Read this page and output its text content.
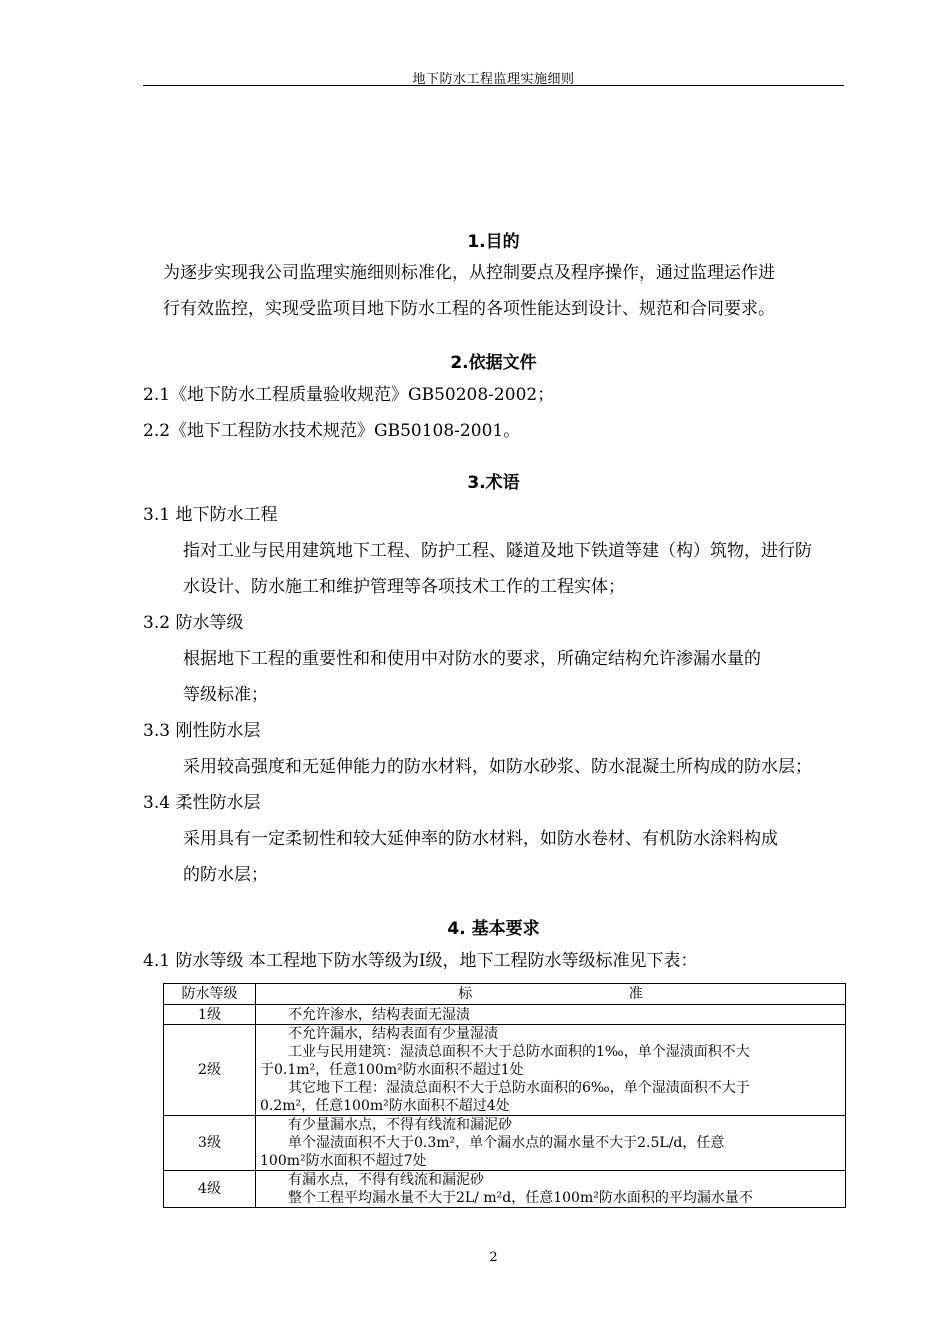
地下防水工程监理实施细则
1.目的
为逐步实现我公司监理实施细则标准化，从控制要点及程序操作，通过监理运作进
行有效监控，实现受监项目地下防水工程的各项性能达到设计、规范和合同要求。
2.依据文件
2.1《地下防水工程质量验收规范》GB50208-2002；
2.2《地下工程防水技术规范》GB50108-2001。
3.术语
3.1 地下防水工程
指对工业与民用建筑地下工程、防护工程、隧道及地下铁道等建（构）筑物，进行防
水设计、防水施工和维护管理等各项技术工作的工程实体；
3.2 防水等级
根据地下工程的重要性和和使用中对防水的要求，所确定结构允许渗漏水量的
等级标准；
3.3 刚性防水层
采用较高强度和无延伸能力的防水材料，如防水砂浆、防水混凝土所构成的防水层；
3.4 柔性防水层
采用具有一定柔韧性和较大延伸率的防水材料，如防水卷材、有机防水涂料构成
的防水层；
4. 基本要求
4.1 防水等级 本工程地下防水等级为Ⅰ级，地下工程防水等级标准见下表：
防水等级	标 准

1级	不允许渗水，结构表面无湿渍

2级	不允许漏水，结构表面有少量湿渍
工业与民用建筑：湿渍总面积不大于总防水面积的1‰，单个湿渍面积不大
于0.1m²，任意100m²防水面积不超过1处
其它地下工程：湿渍总面积不大于总防水面积的6‰，单个湿渍面积不大于
0.2m²，任意100m²防水面积不超过4处

3级	有少量漏水点，不得有线流和漏泥砂
单个湿渍面积不大于0.3m²，单个漏水点的漏水量不大于2.5L/d，任意
100m²防水面积不超过7处

4级	有漏水点，不得有线流和漏泥砂
整个工程平均漏水量不大于2L/ m²d，任意100m²防水面积的平均漏水量不
2
